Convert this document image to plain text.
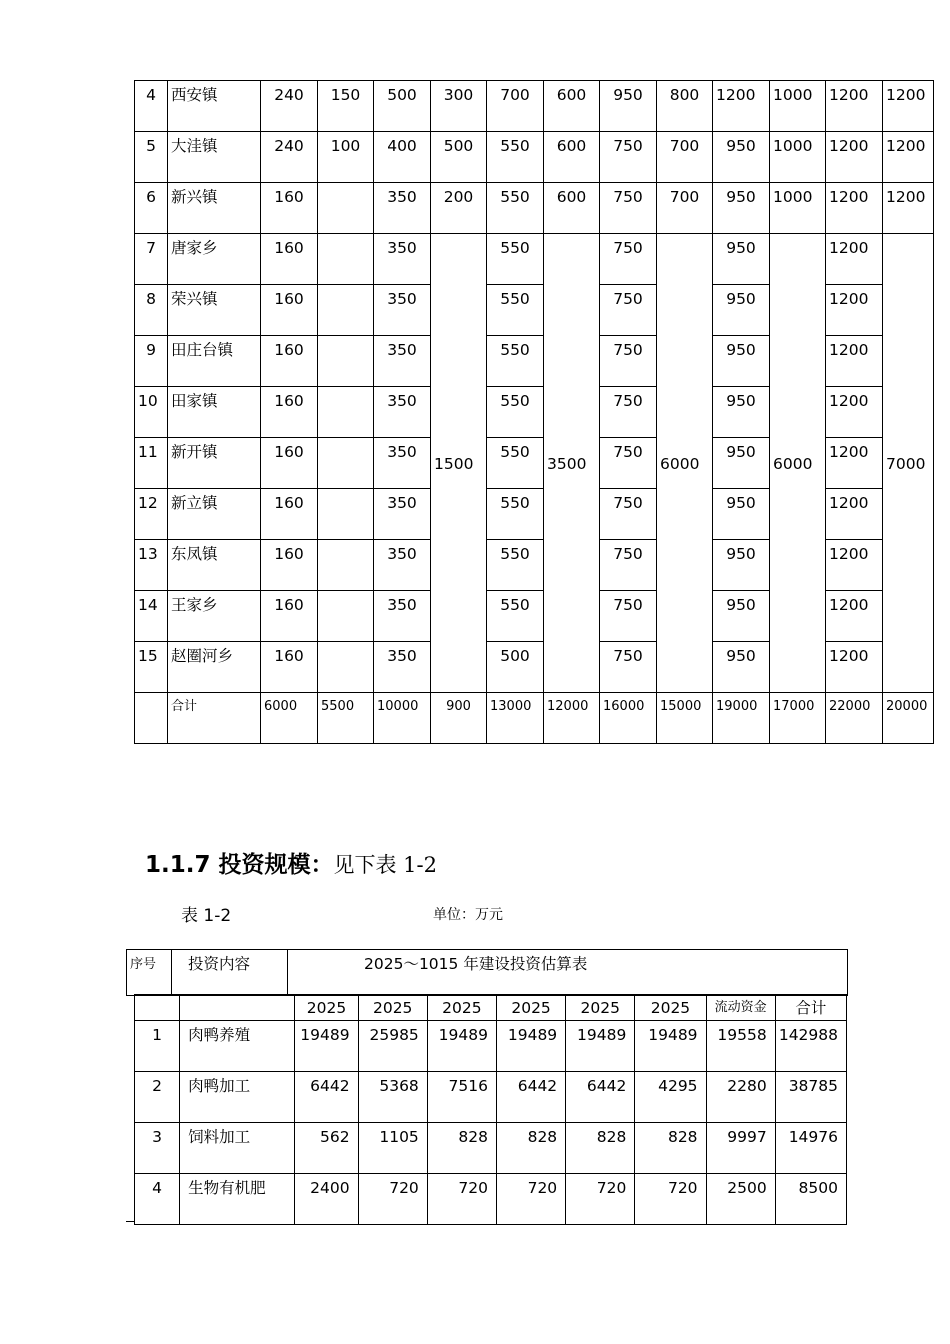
4	西安镇	240	150	500	300	700	600	950	800	1200	1000	1200	1200
5	大洼镇	240	100	400	500	550	600	750	700	950	1000	1200	1200
6	新兴镇	160		350	200	550	600	750	700	950	1000	1200	1200
7	唐家乡	160		350	1500	550	3500	750	6000	950	6000	1200	7000
8	荣兴镇	160		350		550		750		950		1200	
9	田庄台镇	160		350		550		750		950		1200	
10	田家镇	160		350		550		750		950		1200	
11	新开镇	160		350		550		750		950		1200	
12	新立镇	160		350		550		750		950		1200	
13	东凤镇	160		350		550		750		950		1200	
14	王家乡	160		350		550		750		950		1200	
15	赵圈河乡	160		350		500		750		950		1200	
	合计	6000	5500	10000	900	13000	12000	16000	15000	19000	17000	22000	20000
1.1.7 投资规模：见下表 1-2
表 1-2	单位：万元
序号	投资内容	2025～1015 年建设投资估算表
		2025	2025	2025	2025	2025	2025	流动资金	合计
1	肉鸭养殖	19489	25985	19489	19489	19489	19489	19558	142988
2	肉鸭加工	6442	5368	7516	6442	6442	4295	2280	38785
3	饲料加工	562	1105	828	828	828	828	9997	14976
4	生物有机肥	2400	720	720	720	720	720	2500	8500
